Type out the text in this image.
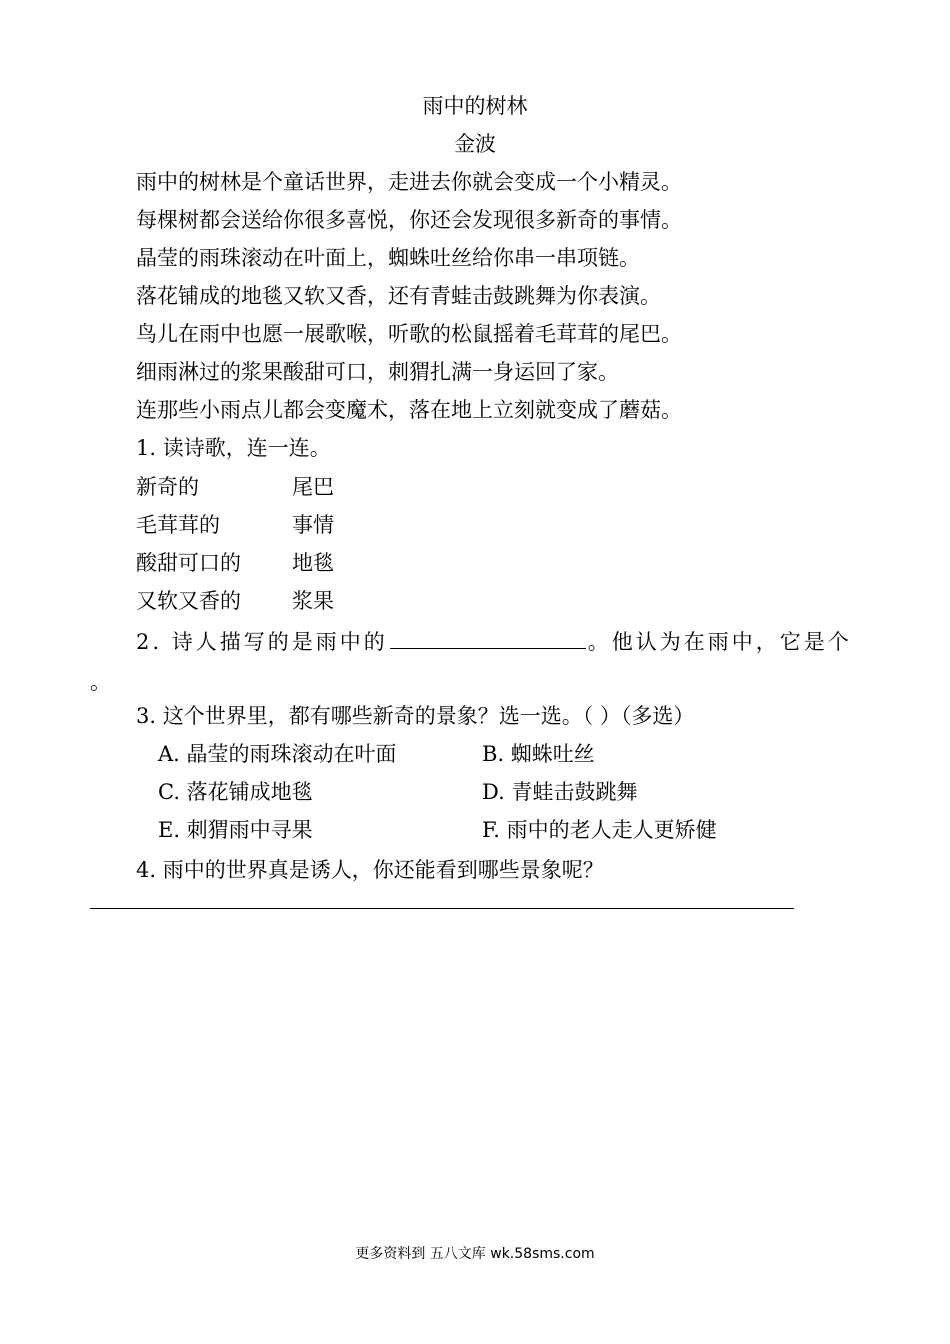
雨中的树林
金波
雨中的树林是个童话世界，走进去你就会变成一个小精灵。
每棵树都会送给你很多喜悦，你还会发现很多新奇的事情。
晶莹的雨珠滚动在叶面上，蜘蛛吐丝给你串一串项链。
落花铺成的地毯又软又香，还有青蛙击鼓跳舞为你表演。
鸟儿在雨中也愿一展歌喉，听歌的松鼠摇着毛茸茸的尾巴。
细雨淋过的浆果酸甜可口，刺猬扎满一身运回了家。
连那些小雨点儿都会变魔术，落在地上立刻就变成了蘑菇。
1. 读诗歌，连一连。
新奇的	尾巴
毛茸茸的	事情
酸甜可口的 地毯
又软又香的 浆果
2. 诗人描写的是雨中的	。他认为在雨中，它是个
。
3. 这个世界里，都有哪些新奇的景象？选一选。（ ）（多选）
A. 晶莹的雨珠滚动在叶面	B. 蜘蛛吐丝
C. 落花铺成地毯	D. 青蛙击鼓跳舞
E. 刺猬雨中寻果	F. 雨中的老人走人更矫健
4. 雨中的世界真是诱人，你还能看到哪些景象呢？
更多资料到 五八文库 wk.58sms.com
